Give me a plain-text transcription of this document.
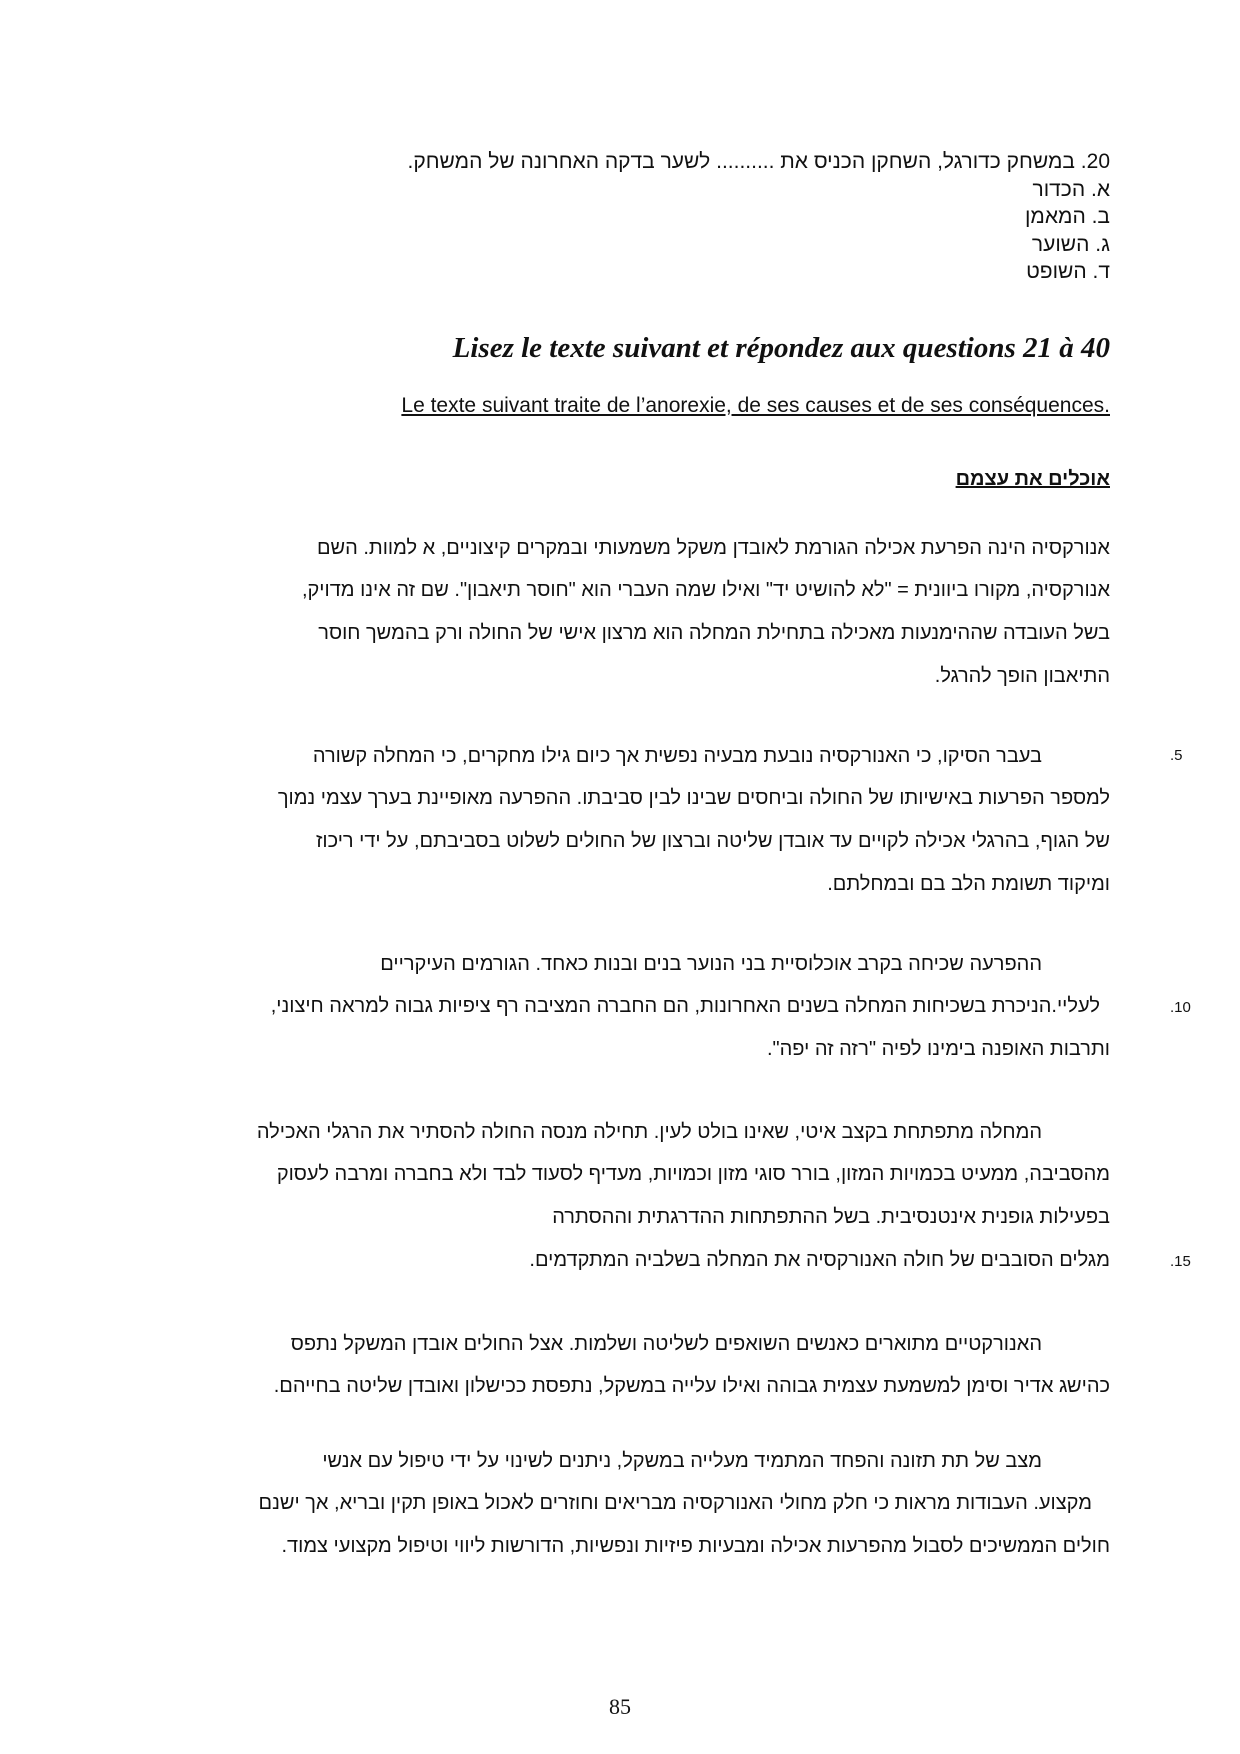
20. במשחק כדורגל, השחקן הכניס את .......... לשער בדקה האחרונה של המשחק.
א. הכדור
ב. המאמן
ג. השוער
ד. השופט
Lisez le texte suivant et répondez aux questions 21 à 40
Le texte suivant traite de l’anorexie, de ses causes et de ses conséquences.
אוכלים את עצמם
אנורקסיה הינה הפרעת אכילה הגורמת לאובדן משקל משמעותי ובמקרים קיצוניים, א למוות. השם
אנורקסיה, מקורו ביוונית = "לא להושיט יד" ואילו שמה העברי הוא "חוסר תיאבון". שם זה אינו מדויק,
בשל העובדה שההימנעות מאכילה בתחילת המחלה הוא מרצון אישי של החולה ורק בהמשך חוסר
התיאבון הופך להרגל.
בעבר הסיקו, כי האנורקסיה נובעת מבעיה נפשית אך כיום גילו מחקרים, כי המחלה קשורה	.5
למספר הפרעות באישיותו של החולה וביחסים שבינו לבין סביבתו. ההפרעה מאופיינת בערך עצמי נמוך
של הגוף, בהרגלי אכילה לקויים עד אובדן שליטה וברצון של החולים לשלוט בסביבתם, על ידי ריכוז
ומיקוד תשומת הלב בם ובמחלתם.
ההפרעה שכיחה בקרב אוכלוסיית בני הנוער בנים ובנות כאחד. הגורמים העיקריים
לעליי.הניכרת בשכיחות המחלה בשנים האחרונות, הם החברה המציבה רף ציפיות גבוה למראה חיצוני,	.10
ותרבות האופנה בימינו לפיה "רזה זה יפה".
המחלה מתפתחת בקצב איטי, שאינו בולט לעין. תחילה מנסה החולה להסתיר את הרגלי האכילה
מהסביבה, ממעיט בכמויות המזון, בורר סוגי מזון וכמויות, מעדיף לסעוד לבד ולא בחברה ומרבה לעסוק
בפעילות גופנית אינטנסיבית. בשל ההתפתחות ההדרגתית וההסתרה
מגלים הסובבים של חולה האנורקסיה את המחלה בשלביה המתקדמים.	.15
האנורקטיים מתוארים כאנשים השואפים לשליטה ושלמות. אצל החולים אובדן המשקל נתפס
כהישג אדיר וסימן למשמעת עצמית גבוהה ואילו עלייה במשקל, נתפסת ככישלון ואובדן שליטה בחייהם.
מצב של תת תזונה והפחד המתמיד מעלייה במשקל, ניתנים לשינוי על ידי טיפול עם אנשי
מקצוע. העבודות מראות כי חלק מחולי האנורקסיה מבריאים וחוזרים לאכול באופן תקין ובריא, אך ישנם
חולים הממשיכים לסבול מהפרעות אכילה ומבעיות פיזיות ונפשיות, הדורשות ליווי וטיפול מקצועי צמוד.
85
